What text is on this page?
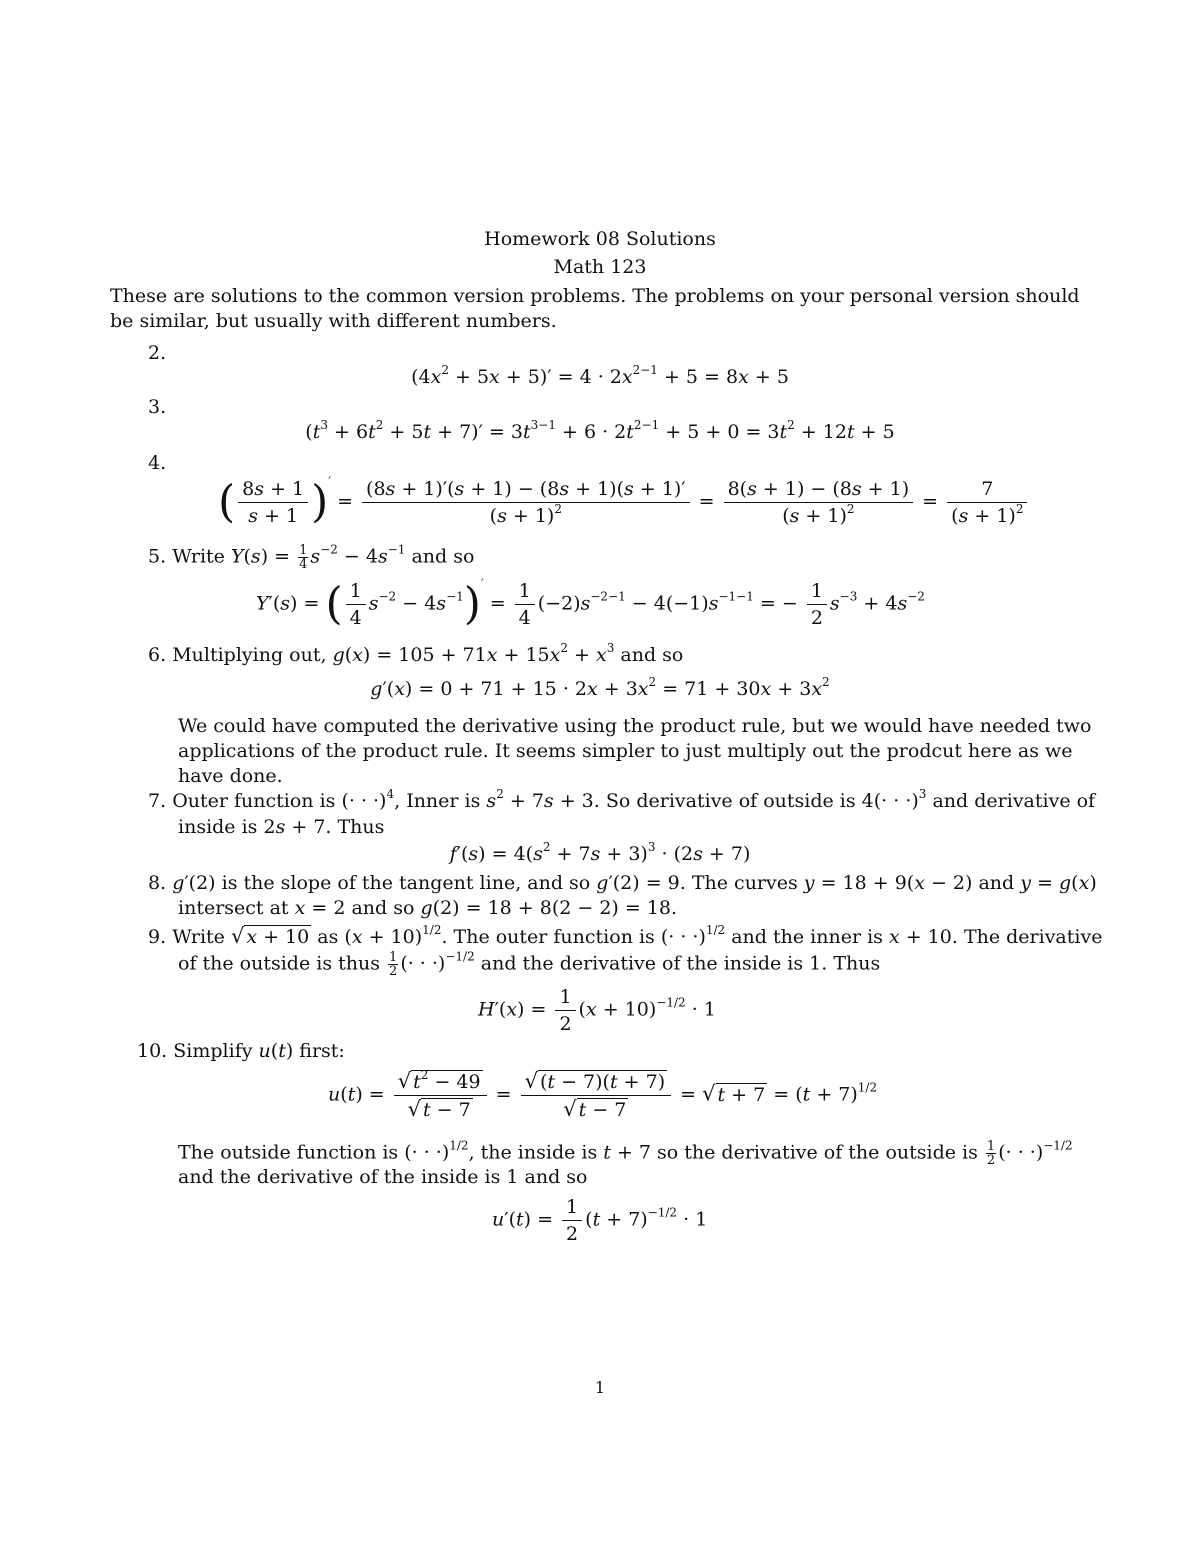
Homework 08 Solutions
Math 123
These are solutions to the common version problems. The problems on your personal version should be similar, but usually with different numbers.
2.
$(4x^2 + 5x + 5)' = 4 \cdot 2x^{2-1} + 5 = 8x + 5$
3.
$(t^3 + 6t^2 + 5t + 7)' = 3t^{3-1} + 6 \cdot 2t^{2-1} + 5 + 0 = 3t^2 + 12t + 5$
4.
( $\frac{8s + 1}{s + 1} )' = \frac{(8s + 1)'(s + 1) - (8s + 1)(s + 1)'}{(s + 1)^2} = \frac{8(s + 1) - (8s + 1)}{(s + 1)^2} = \frac{7}{(s + 1)^2}$
5. Write $Y(s) = \frac{1}{4} s^{-2} - 4s^{-1}$ and so
Y′(s) = ( $\frac{1}{4} s^{-2} - 4s^{-1})' = \frac{1}{4} (-2)s^{-2-1} - 4(-1)s^{-1-1}$ = − $\frac{1}{2} s^{-3} + 4s^{-2}$
6. Multiplying out, $g(x) = 105 + 71x + 15x^2 + x^3$ and so
$g'(x) = 0 + 71 + 15 \cdot 2x + 3x^2 = 71 + 30x + 3x^2$
We could have computed the derivative using the product rule, but we would have needed two applications of the product rule. It seems simpler to just multiply out the prodcut here as we have done.
7. Outer function is (· · ·)$^4$, Inner is $s^2 + 7s + 3$. So derivative of outside is $4(\cdot \cdot \cdot)^3$ and derivative of
inside is 2s + 7. Thus
$f'(s) = 4(s^2 + 7s + 3)^3 \cdot (2s + 7)$
8. g′(2) is the slope of the tangent line, and so g′(2) = 9. The curves y = 18 + 9(x − 2) and y = g(x)
intersect at x = 2 and so g(2) = 18 + 8(2 − 2) = 18.
9. Write √ x + 10 as $(x + 10)^{1/2}$. The outer function is (· · ·)$^{1/2}$ and the inner is x + 10. The derivative
of the outside is thus $\frac{1}{2}$ (· · ·)$^{-1/2}$ and the derivative of the inside is 1. Thus
$H'(x) = \frac{1}{2} (x + 10)^{-1/2} \cdot 1$
10. Simplify u(t) first:
$u(t) = \frac{√ t^2 - 49}{√ t - 7} = \frac{√ (t - 7)(t + 7)}{√ t - 7}$ = √ $t + 7 = (t + 7)^{1/2}$
The outside function is (· · ·)$^{1/2}$, the inside is t + 7 so the derivative of the outside is $\frac{1}{2}$ (· · ·)$^{-1/2}$
and the derivative of the inside is 1 and so
$u'(t) = \frac{1}{2} (t + 7)^{-1/2} \cdot 1$
1
